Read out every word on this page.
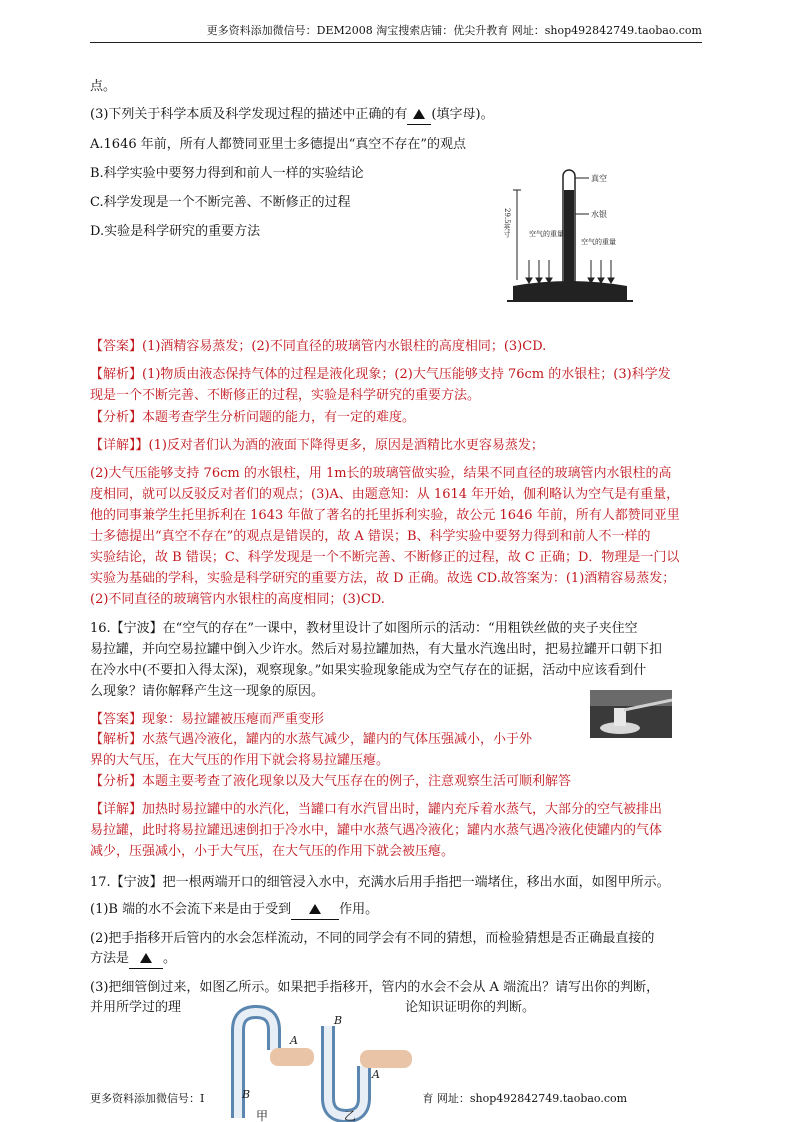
更多资料添加微信号：DEM2008 淘宝搜索店铺：优尖升教育 网址：shop492842749.taobao.com
点。
(3)下列关于科学本质及科学发现过程的描述中正确的有 (填字母)。
A.1646 年前，所有人都赞同亚里士多德提出“真空不存在”的观点
B.科学实验中要努力得到和前人一样的实验结论
C.科学发现是一个不断完善、不断修正的过程
D.实验是科学研究的重要方法
真空
水银
29.5英寸	空气的重量
空气的重量
【答案】(1)酒精容易蒸发；(2)不同直径的玻璃管内水银柱的高度相同；(3)CD.
【解析】(1)物质由液态保持气体的过程是液化现象；(2)大气压能够支持 76cm 的水银柱；(3)科学发
现是一个不断完善、不断修正的过程，实验是科学研究的重要方法。
【分析】本题考查学生分析问题的能力，有一定的难度。
【详解】】(1)反对者们认为酒的液面下降得更多，原因是酒精比水更容易蒸发；
(2)大气压能够支持 76cm 的水银柱，用 1m长的玻璃管做实验，结果不同直径的玻璃管内水银柱的高
度相同，就可以反驳反对者们的观点；(3)A、由题意知：从 1614 年开始，伽利略认为空气是有重量，
他的同事兼学生托里拆利在 1643 年做了著名的托里拆利实验，故公元 1646 年前，所有人都赞同亚里
士多德提出“真空不存在”的观点是错误的，故 A 错误；B、科学实验中要努力得到和前人不一样的
实验结论，故 B 错误；C、科学发现是一个不断完善、不断修正的过程，故 C 正确；D．物理是一门以
实验为基础的学科，实验是科学研究的重要方法，故 D 正确。故选 CD.故答案为：(1)酒精容易蒸发；
(2)不同直径的玻璃管内水银柱的高度相同；(3)CD.
16.【宁波】在“空气的存在”一课中，教材里设计了如图所示的活动：“用粗铁丝做的夹子夹住空
易拉罐，并向空易拉罐中倒入少许水。然后对易拉罐加热，有大量水汽逸出时，把易拉罐开口朝下扣
在冷水中(不要扣入得太深)，观察现象。”如果实验现象能成为空气存在的证据，活动中应该看到什
么现象？请你解释产生这一现象的原因。
【答案】现象：易拉罐被压瘪而严重变形
【解析】水蒸气遇冷液化，罐内的水蒸气减少，罐内的气体压强减小，小于外
界的大气压，在大气压的作用下就会将易拉罐压瘪。
【分析】本题主要考查了液化现象以及大气压存在的例子，注意观察生活可顺利解答
【详解】加热时易拉罐中的水汽化，当罐口有水汽冒出时，罐内充斥着水蒸气，大部分的空气被排出
易拉罐，此时将易拉罐迅速倒扣于冷水中，罐中水蒸气遇冷液化；罐内水蒸气遇冷液化使罐内的气体
减少，压强减小，小于大气压，在大气压的作用下就会被压瘪。
17.【宁波】把一根两端开口的细管浸入水中，充满水后用手指把一端堵住，移出水面，如图甲所示。
(1)B 端的水不会流下来是由于受到	作用。
(2)把手指移开后管内的水会怎样流动，不同的同学会有不同的猜想，而检验猜想是否正确最直接的
方法是	。
(3)把细管倒过来，如图乙所示。如果把手指移开，管内的水会不会从 A 端流出？请写出你的判断，
并用所学过的理	论知识证明你的判断。
B
A
B
A
甲	乙
更多资料添加微信号：I	育 网址：shop492842749.taobao.com
